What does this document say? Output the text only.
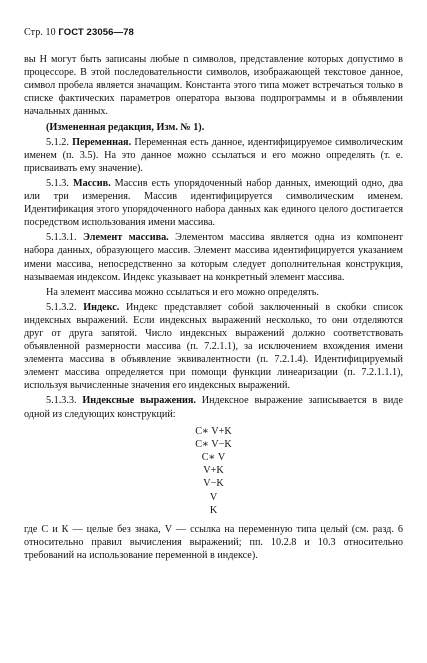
Стр. 10 ГОСТ 23056—78

вы Н могут быть записаны любые n символов, представление которых допустимо в процессоре. В этой последовательности символов, изображающей текстовое данное, символ пробела является значащим. Константа этого типа может встречаться только в списке фактических параметров оператора вызова подпрограммы и в объявлении начальных данных.

(Измененная редакция, Изм. № 1).

5.1.2. Переменная. Переменная есть данное, идентифицируемое символическим именем (п. 3.5). На это данное можно ссылаться и его можно определять (т. е. присваивать ему значение).

5.1.3. Массив. Массив есть упорядоченный набор данных, имеющий одно, два или три измерения. Массив идентифицируется символическим именем. Идентификация этого упорядоченного набора данных как единого целого достигается посредством использования имени массива.

5.1.3.1. Элемент массива. Элементом массива является одна из компонент набора данных, образующего массив. Элемент массива идентифицируется указанием имени массива, непосредственно за которым следует дополнительная конструкция, называемая индексом. Индекс указывает на конкретный элемент массива.

На элемент массива можно ссылаться и его можно определять.

5.1.3.2. Индекс. Индекс представляет собой заключенный в скобки список индексных выражений. Если индексных выражений несколько, то они отделяются друг от друга запятой. Число индексных выражений должно соответствовать объявленной размерности массива (п. 7.2.1.1), за исключением вхождения имени элемента массива в объявление эквивалентности (п. 7.2.1.4). Идентифицируемый элемент массива определяется при помощи функции линеаризации (п. 7.2.1.1.1), используя вычисленные значения его индексных выражений.

5.1.3.3. Индексные выражения. Индексное выражение записывается в виде одной из следующих конструкций:

C∗ V+K
C∗ V−K
C∗ V
V+K
V−K
V
K

где С и К — целые без знака, V — ссылка на переменную типа целый (см. разд. 6 относительно правил вычисления выражений; пп. 10.2.8 и 10.3 относительно требований на использование переменной в индексе).
